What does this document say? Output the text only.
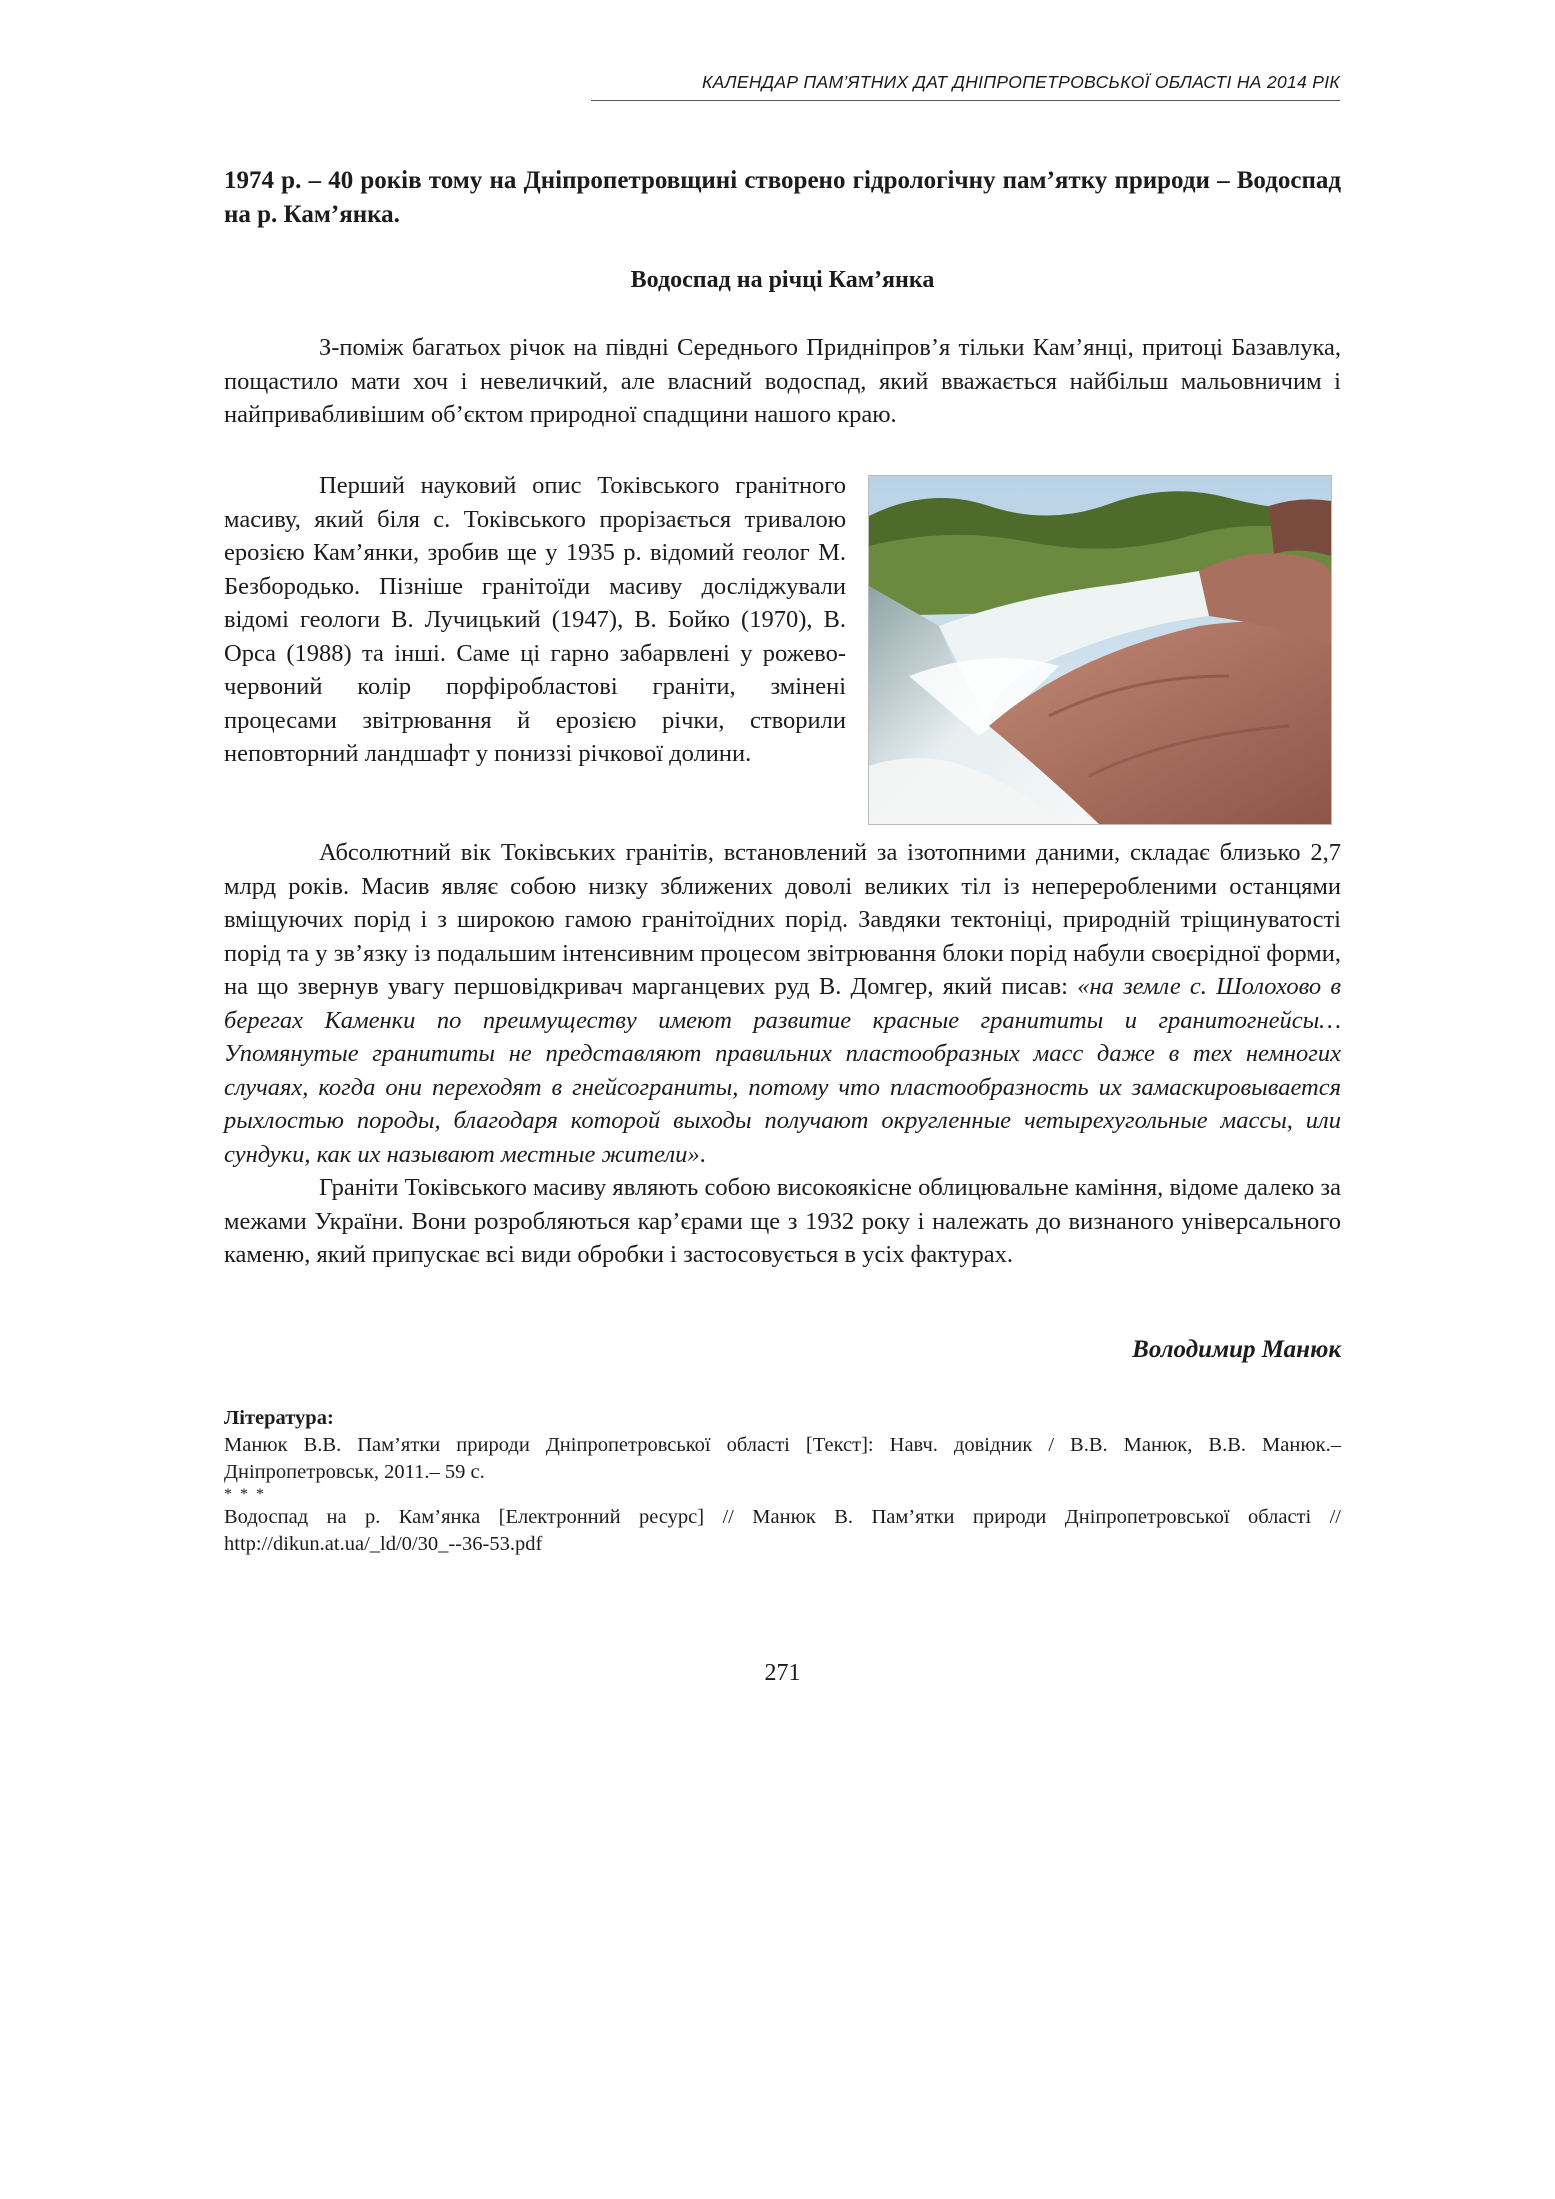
КАЛЕНДАР ПАМ’ЯТНИХ ДАТ ДНІПРОПЕТРОВСЬКОЇ ОБЛАСТІ НА 2014 РІК
1974 р. – 40 років тому на Дніпропетровщині створено гідрологічну пам’ятку природи – Водоспад на р. Кам’янка.
Водоспад на річці Кам’янка

З-поміж багатьох річок на півдні Середнього Придніпров’я тільки Кам’янці, притоці Базавлука, пощастило мати хоч і невеличкий, але власний водоспад, який вважається найбільш мальовничим і найпривабливішим об’єктом природної спадщини нашого краю.

Перший науковий опис Токівського гранітного масиву, який біля с. Токівського прорізається тривалою ерозією Кам’янки, зробив ще у 1935 р. відомий геолог М. Безбородько. Пізніше гранітоїди масиву досліджували відомі геологи В. Лучицький (1947), В. Бойко (1970), В. Орса (1988) та інші. Саме ці гарно забарвлені у рожево-червоний колір порфіробластові граніти, змінені процесами звітрювання й ерозією річки, створили неповторний ландшафт у пониззі річкової долини.

Абсолютний вік Токівських гранітів, встановлений за ізотопними даними, складає близько 2,7 млрд років. Масив являє собою низку зближених доволі великих тіл із непереробленими останцями вміщуючих порід і з широкою гамою гранітоїдних порід. Завдяки тектоніці, природній тріщинуватості порід та у зв’язку із подальшим інтенсивним процесом звітрювання блоки порід набули своєрідної форми, на що звернув увагу першовідкривач марганцевих руд В. Домгер, який писав: «на земле с. Шолохово в берегах Каменки по преимуществу имеют развитие красные гранититы и гранитогнейсы… Упомянутые гранититы не представляют правильних пластообразных масс даже в тех немногих случаях, когда они переходят в гнейсограниты, потому что пластообразность их замаскировывается рыхлостью породы, благодаря которой выходы получают округленные четырехугольные массы, или сундуки, как их называют местные жители».

Граніти Токівського масиву являють собою високоякісне облицювальне каміння, відоме далеко за межами України. Вони розробляються кар’єрами ще з 1932 року і належать до визнаного універсального каменю, який припускає всі види обробки і застосовується в усіх фактурах.

Володимир Манюк
Література:
Манюк В.В. Пам’ятки природи Дніпропетровської області [Текст]: Навч. довідник / В.В. Манюк, В.В. Манюк.– Дніпропетровськ, 2011.– 59 с.
* * *
Водоспад на р. Кам’янка [Електронний ресурс] // Манюк В. Пам’ятки природи Дніпропетровської області // http://dikun.at.ua/_ld/0/30_--36-53.pdf
271
